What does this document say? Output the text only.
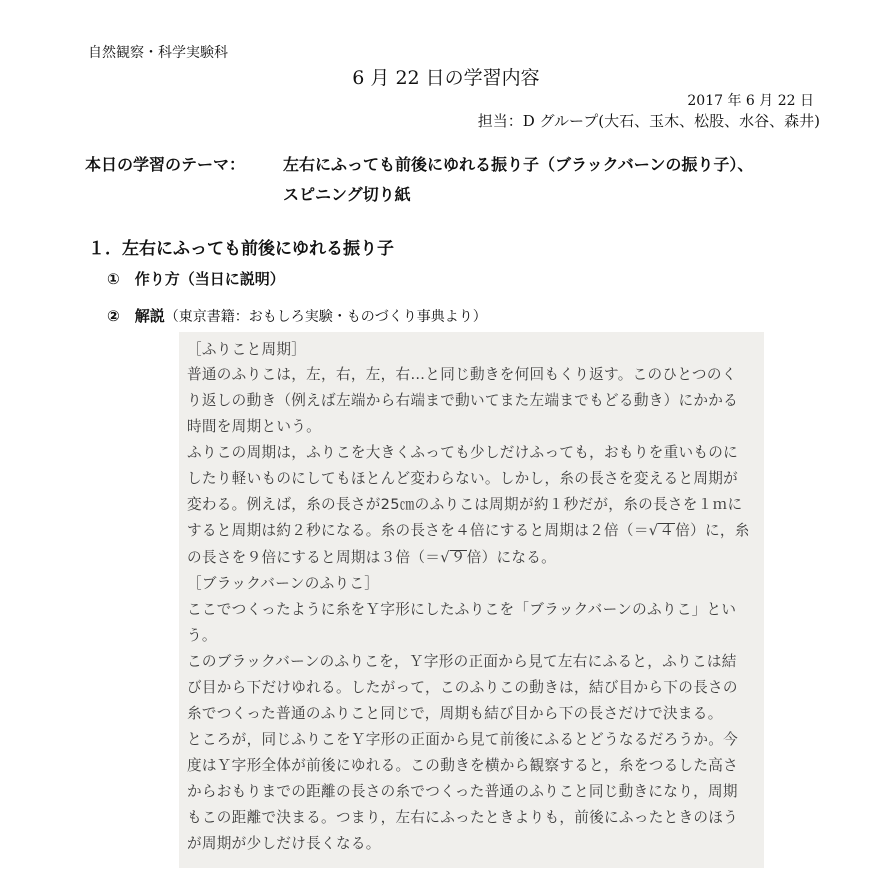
自然観察・科学実験科
6 月 22 日の学習内容
2017 年 6 月 22 日
担当：D グループ(大石、玉木、松股、水谷、森井)
本日の学習のテーマ： 左右にふっても前後にゆれる振り子（ブラックバーンの振り子）、
スピニング切り紙
１．左右にふっても前後にゆれる振り子
①　作り方（当日に説明）
②　解説（東京書籍：おもしろ実験・ものづくり事典より）
［ふりこと周期］
普通のふりこは，左，右，左，右…と同じ動きを何回もくり返す。このひとつのく
り返しの動き（例えば左端から右端まで動いてまた左端までもどる動き）にかかる
時間を周期という。
ふりこの周期は，ふりこを大きくふっても少しだけふっても，おもりを重いものに
したり軽いものにしてもほとんど変わらない。しかし，糸の長さを変えると周期が
変わる。例えば，糸の長さが25㎝のふりこは周期が約１秒だが，糸の長さを１ｍに
すると周期は約２秒になる。糸の長さを４倍にすると周期は２倍（＝√４倍）に，糸
の長さを９倍にすると周期は３倍（＝√９倍）になる。
［ブラックバーンのふりこ］
ここでつくったように糸をＹ字形にしたふりこを「ブラックバーンのふりこ」とい
う。
このブラックバーンのふりこを，Ｙ字形の正面から見て左右にふると，ふりこは結
び目から下だけゆれる。したがって，このふりこの動きは，結び目から下の長さの
糸でつくった普通のふりこと同じで，周期も結び目から下の長さだけで決まる。
ところが，同じふりこをＹ字形の正面から見て前後にふるとどうなるだろうか。今
度はＹ字形全体が前後にゆれる。この動きを横から観察すると，糸をつるした高さ
からおもりまでの距離の長さの糸でつくった普通のふりこと同じ動きになり，周期
もこの距離で決まる。つまり，左右にふったときよりも，前後にふったときのほう
が周期が少しだけ長くなる。
